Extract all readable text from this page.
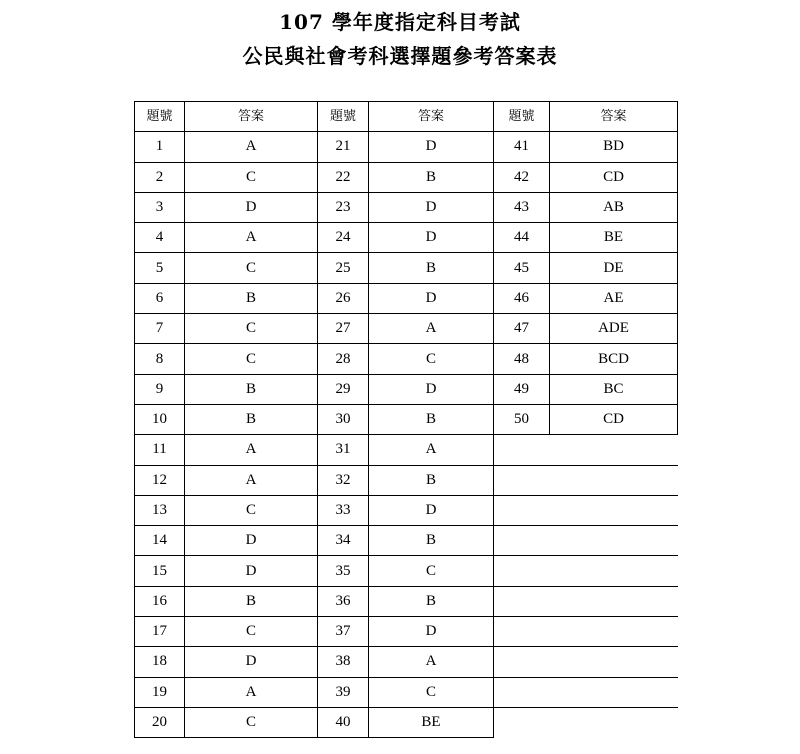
107 學年度指定科目考試
公民與社會考科選擇題參考答案表
題號	答案	題號	答案	題號	答案
1	A	21	D	41	BD
2	C	22	B	42	CD
3	D	23	D	43	AB
4	A	24	D	44	BE
5	C	25	B	45	DE
6	B	26	D	46	AE
7	C	27	A	47	ADE
8	C	28	C	48	BCD
9	B	29	D	49	BC
10	B	30	B	50	CD
11	A	31	A		
12	A	32	B		
13	C	33	D		
14	D	34	B		
15	D	35	C		
16	B	36	B		
17	C	37	D		
18	D	38	A		
19	A	39	C		
20	C	40	BE		
